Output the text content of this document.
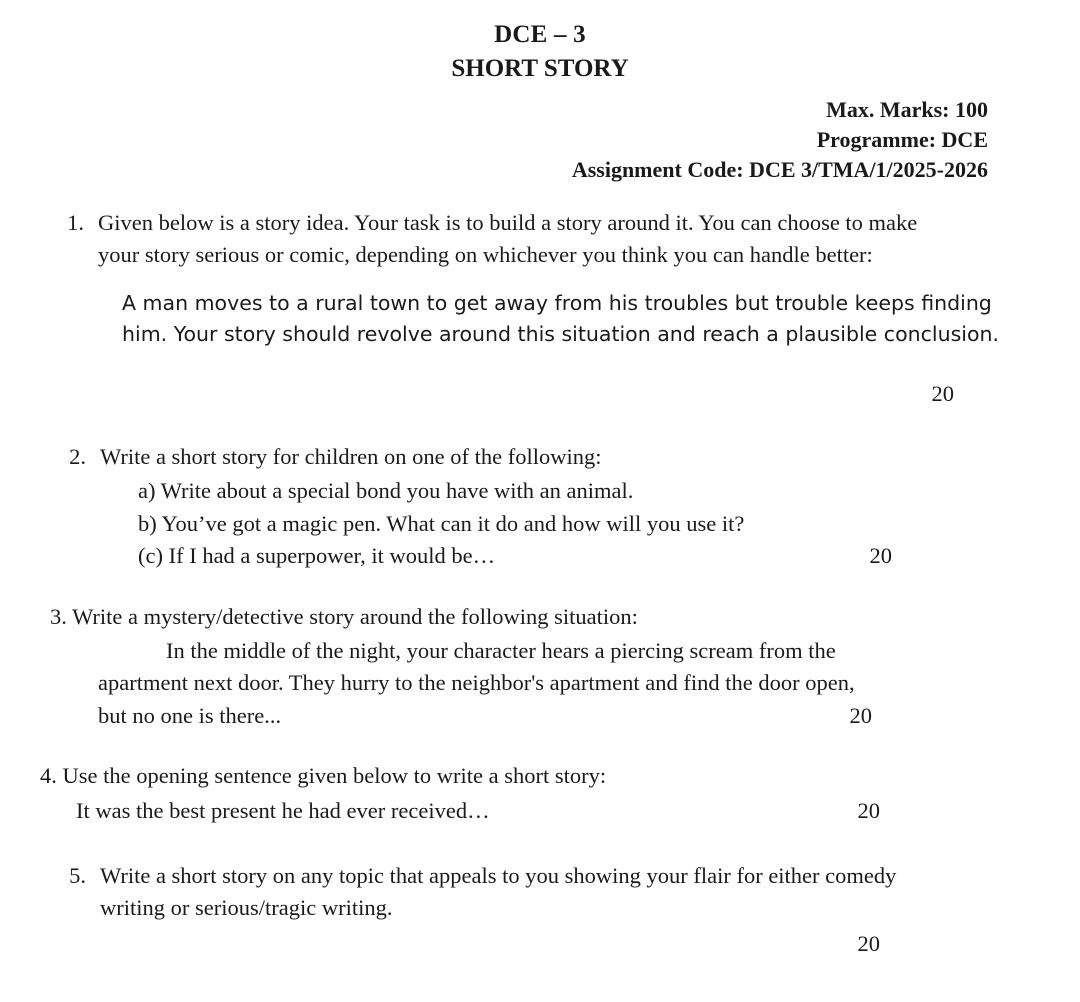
DCE – 3
SHORT STORY
Max. Marks: 100
Programme: DCE
Assignment Code: DCE 3/TMA/1/2025-2026
1. Given below is a story idea. Your task is to build a story around it. You can choose to make your story serious or comic, depending on whichever you think you can handle better:
A man moves to a rural town to get away from his troubles but trouble keeps finding him. Your story should revolve around this situation and reach a plausible conclusion.
20
2. Write a short story for children on one of the following:
a) Write about a special bond you have with an animal.
b) You’ve got a magic pen. What can it do and how will you use it?
(c) If I had a superpower, it would be…	20
3. Write a mystery/detective story around the following situation:
In the middle of the night, your character hears a piercing scream from the
apartment next door. They hurry to the neighbor's apartment and find the door open,
but no one is there...	20
4. Use the opening sentence given below to write a short story:
It was the best present he had ever received…	20
5. Write a short story on any topic that appeals to you showing your flair for either comedy writing or serious/tragic writing.
20
